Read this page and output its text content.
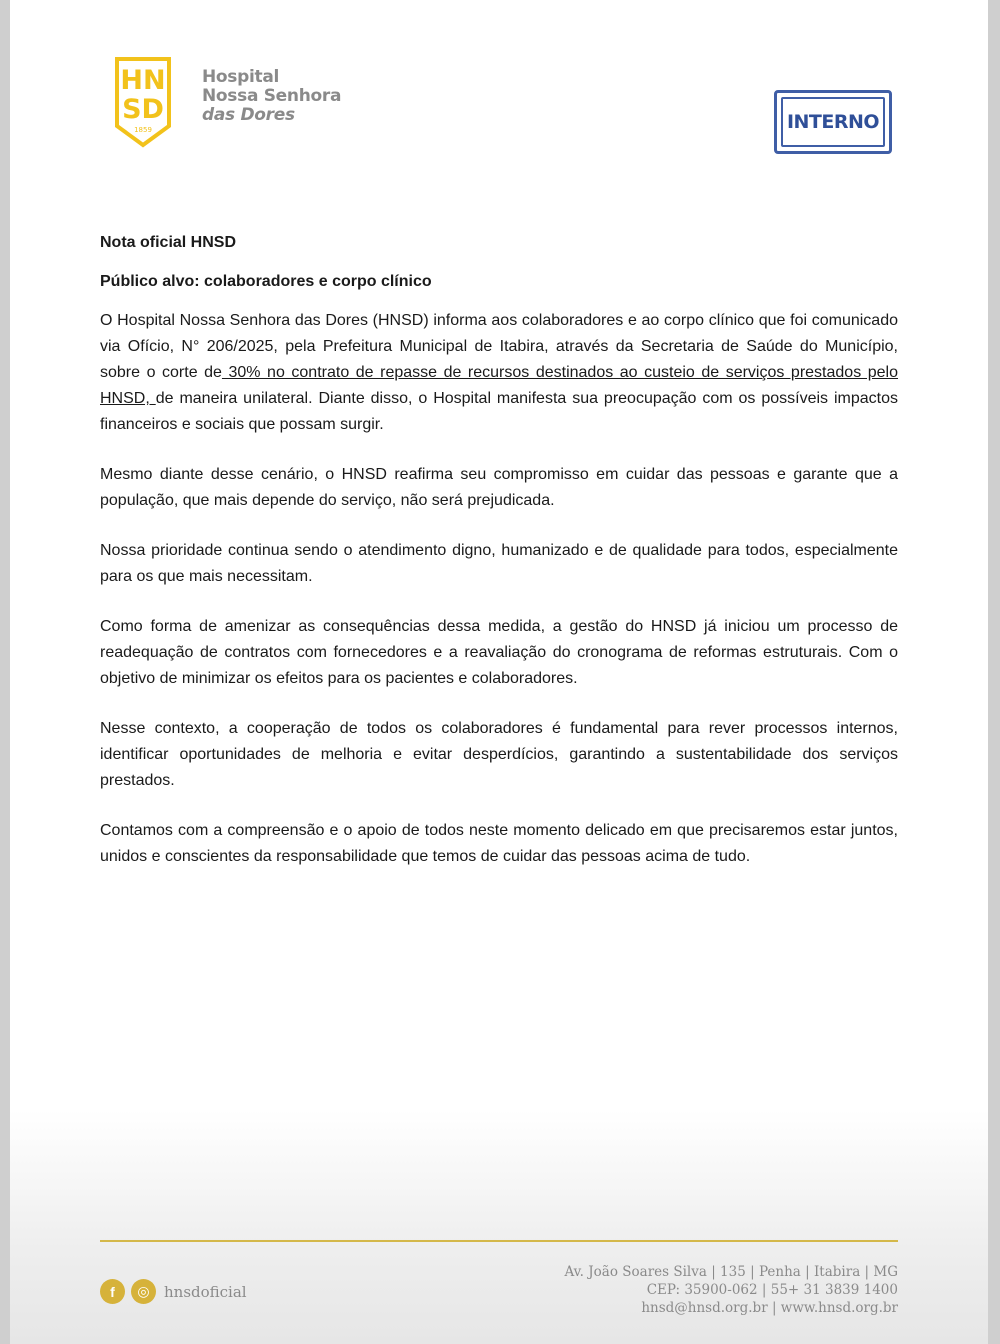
HN
SD
1859
Hospital
Nossa Senhora
das Dores	INTERNO
Nota oficial HNSD
Público alvo: colaboradores e corpo clínico

O Hospital Nossa Senhora das Dores (HNSD) informa aos colaboradores e ao corpo clínico que foi comunicado via Ofício, N° 206/2025, pela Prefeitura Municipal de Itabira, através da Secretaria de Saúde do Município, sobre o corte de 30% no contrato de repasse de recursos destinados ao custeio de serviços prestados pelo HNSD, de maneira unilateral. Diante disso, o Hospital manifesta sua preocupação com os possíveis impactos financeiros e sociais que possam surgir.

Mesmo diante desse cenário, o HNSD reafirma seu compromisso em cuidar das pessoas e garante que a população, que mais depende do serviço, não será prejudicada.

Nossa prioridade continua sendo o atendimento digno, humanizado e de qualidade para todos, especialmente para os que mais necessitam.

Como forma de amenizar as consequências dessa medida, a gestão do HNSD já iniciou um processo de readequação de contratos com fornecedores e a reavaliação do cronograma de reformas estruturais. Com o objetivo de minimizar os efeitos para os pacientes e colaboradores.

Nesse contexto, a cooperação de todos os colaboradores é fundamental para rever processos internos, identificar oportunidades de melhoria e evitar desperdícios, garantindo a sustentabilidade dos serviços prestados.

Contamos com a compreensão e o apoio de todos neste momento delicado em que precisaremos estar juntos, unidos e conscientes da responsabilidade que temos de cuidar das pessoas acima de tudo.

f ◎ hnsdoficial
Av. João Soares Silva | 135 | Penha | Itabira | MG
CEP: 35900-062 | 55+ 31 3839 1400
hnsd@hnsd.org.br | www.hnsd.org.br
